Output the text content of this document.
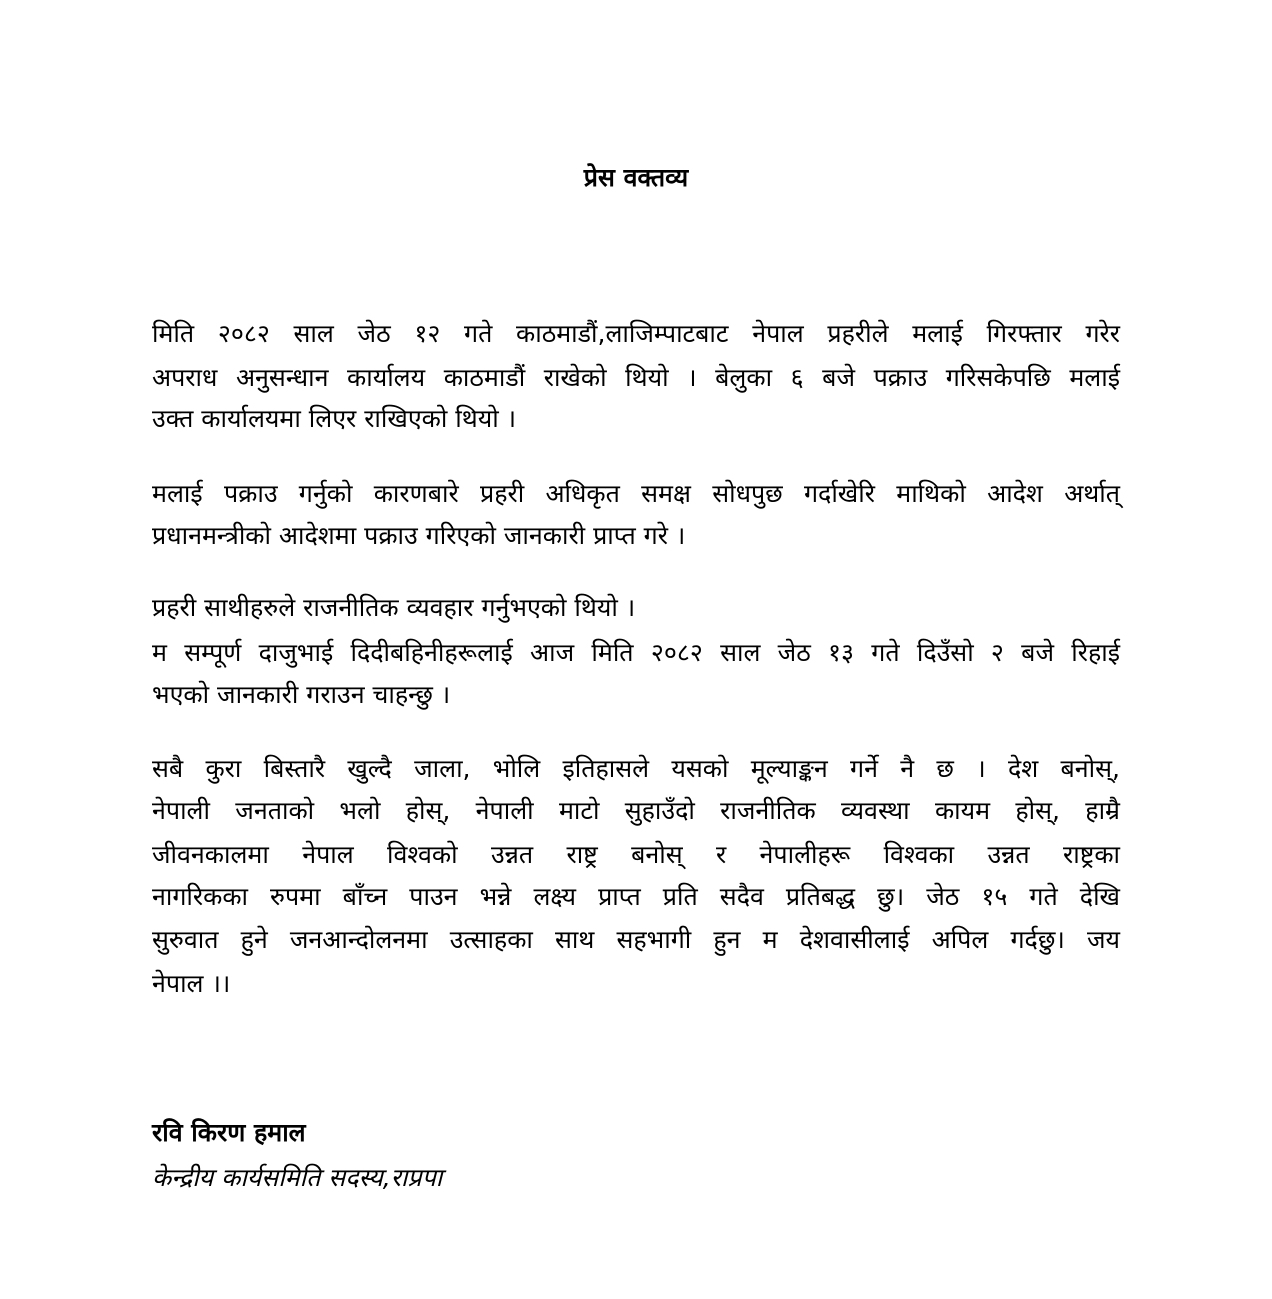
प्रेस वक्तव्य
मिति २०८२ साल जेठ १२ गते काठमाडौं,लाजिम्पाटबाट नेपाल प्रहरीले मलाई गिरफ्तार गरेर
अपराध अनुसन्धान कार्यालय काठमाडौं राखेको थियो । बेलुका ६ बजे पक्राउ गरिसकेपछि मलाई
उक्त कार्यालयमा लिएर राखिएको थियो ।
मलाई पक्राउ गर्नुको कारणबारे प्रहरी अधिकृत समक्ष सोधपुछ गर्दाखेरि माथिको आदेश अर्थात्
प्रधानमन्त्रीको आदेशमा पक्राउ गरिएको जानकारी प्राप्त गरे ।
प्रहरी साथीहरुले राजनीतिक व्यवहार गर्नुभएको थियो ।
म सम्पूर्ण दाजुभाई दिदीबहिनीहरूलाई आज मिति २०८२ साल जेठ १३ गते दिउँसो २ बजे रिहाई
भएको जानकारी गराउन चाहन्छु ।
सबै कुरा बिस्तारै खुल्दै जाला, भोलि इतिहासले यसको मूल्याङ्कन गर्ने नै छ । देश बनोस्,
नेपाली जनताको भलो होस्, नेपाली माटो सुहाउँदो राजनीतिक व्यवस्था कायम होस्, हाम्रै
जीवनकालमा नेपाल विश्वको उन्नत राष्ट्र बनोस् र नेपालीहरू विश्वका उन्नत राष्ट्रका
नागरिकका रुपमा बाँच्न पाउन भन्ने लक्ष्य प्राप्त प्रति सदैव प्रतिबद्ध छु। जेठ १५ गते देखि
सुरुवात हुने जनआन्दोलनमा उत्साहका साथ सहभागी हुन म देशवासीलाई अपिल गर्दछु। जय
नेपाल ।।
रवि किरण हमाल
केन्द्रीय कार्यसमिति सदस्य,राप्रपा
